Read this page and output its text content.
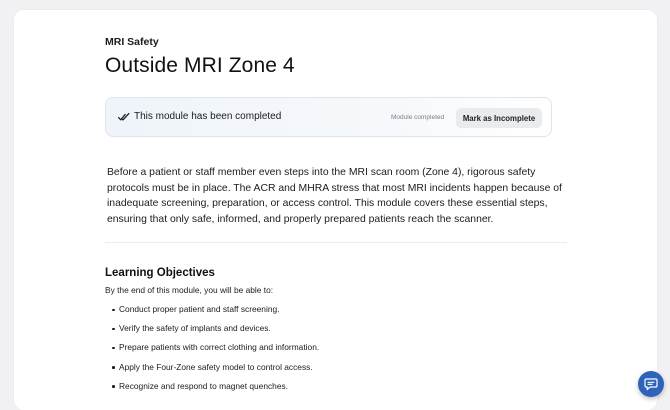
MRI Safety
Outside MRI Zone 4
This module has been completed	Module completed	Mark as Incomplete

Before a patient or staff member even steps into the MRI scan room (Zone 4), rigorous safety protocols must be in place. The ACR and MHRA stress that most MRI incidents happen because of inadequate screening, preparation, or access control. This module covers these essential steps, ensuring that only safe, informed, and properly prepared patients reach the scanner.

Learning Objectives

By the end of this module, you will be able to:

Conduct proper patient and staff screening.
Verify the safety of implants and devices.
Prepare patients with correct clothing and information.
Apply the Four-Zone safety model to control access.
Recognize and respond to magnet quenches.
